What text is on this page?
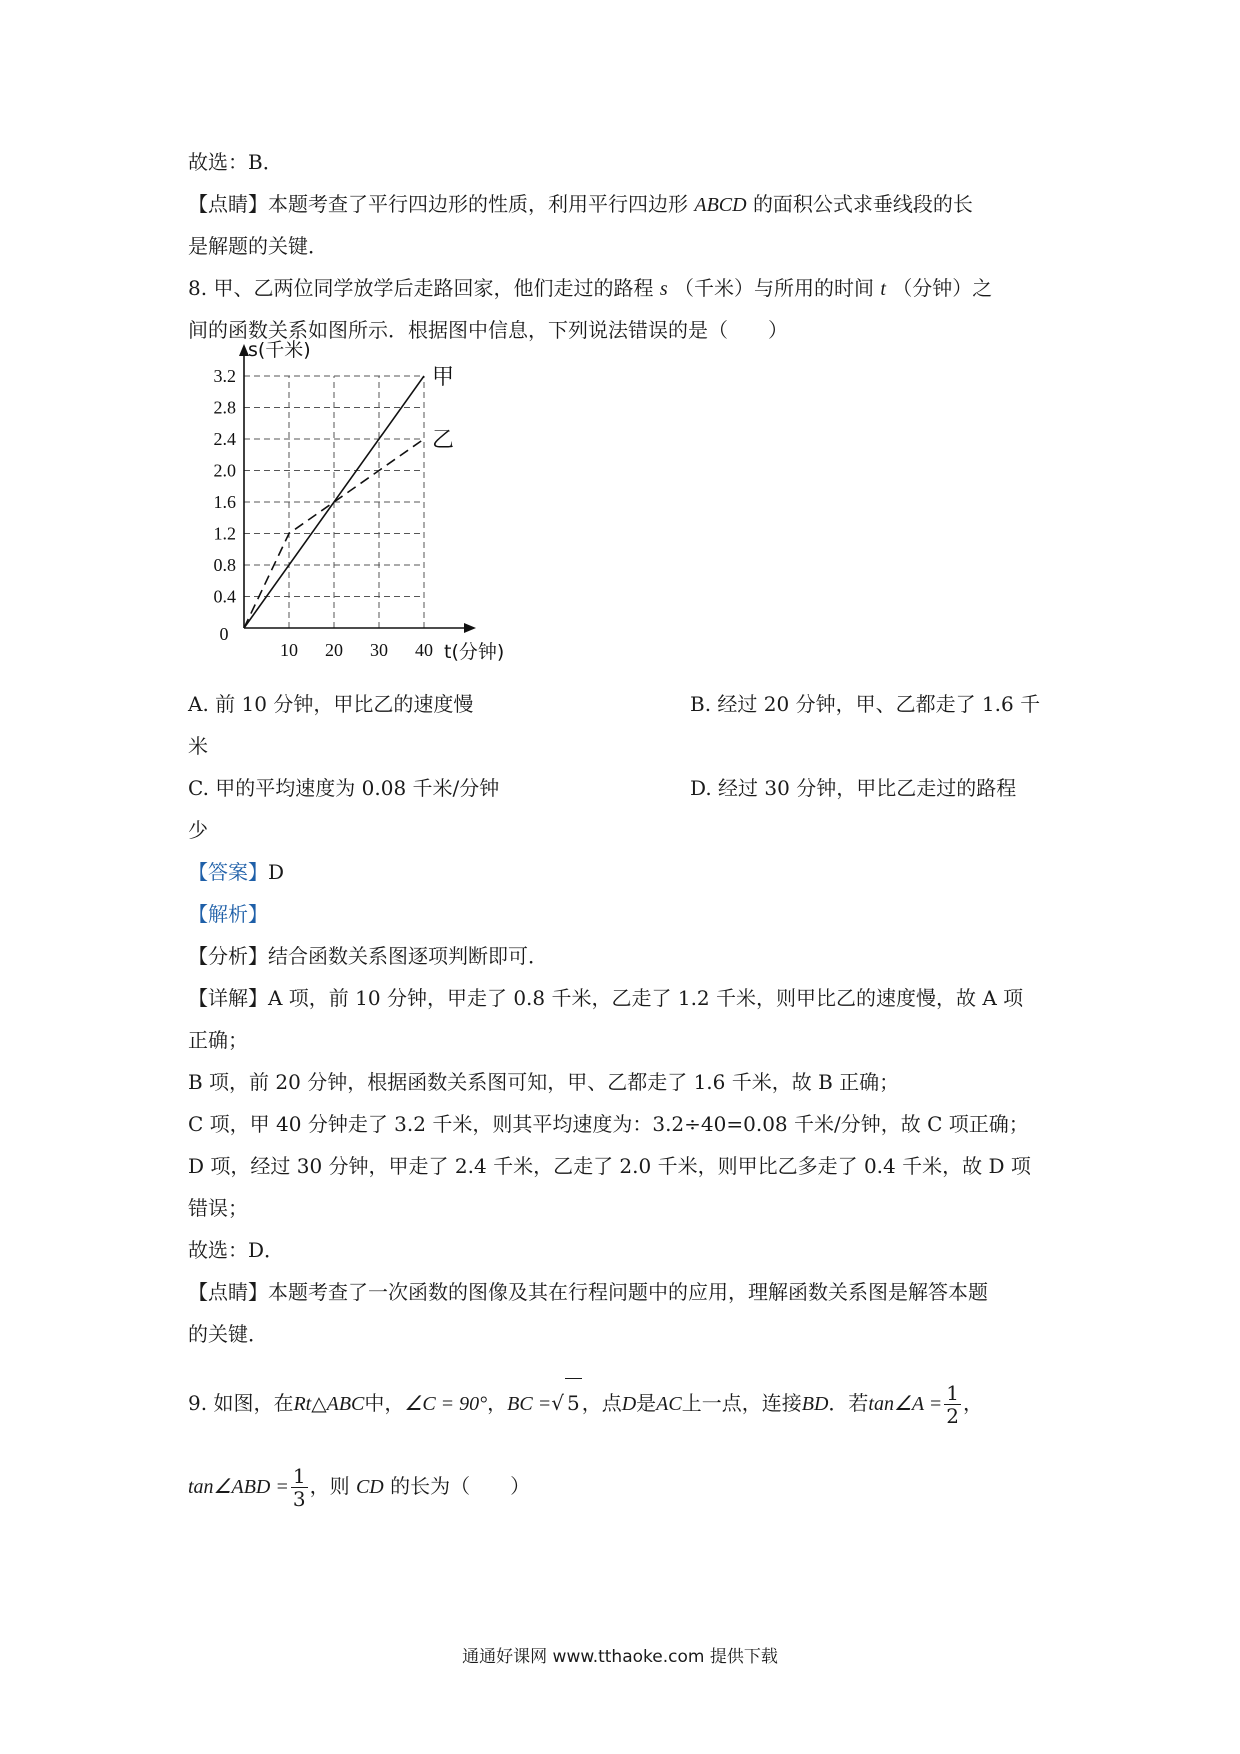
故选：B．
【点睛】本题考查了平行四边形的性质，利用平行四边形 ABCD 的面积公式求垂线段的长
是解题的关键．
8. 甲、乙两位同学放学后走路回家，他们走过的路程 s （千米）与所用的时间 t （分钟）之
间的函数关系如图所示．根据图中信息，下列说法错误的是（　　）
0.4
0.8
1.2
1.6
2.0
2.4
2.8
3.2
10 20 30 40
0
t(分钟)
s(千米)
甲
乙
A. 前 10 分钟，甲比乙的速度慢	B. 经过 20 分钟，甲、乙都走了 1.6 千
米
C. 甲的平均速度为 0.08 千米/分钟	D. 经过 30 分钟，甲比乙走过的路程
少
【答案】D
【解析】
【分析】结合函数关系图逐项判断即可．
【详解】A 项，前 10 分钟，甲走了 0.8 千米，乙走了 1.2 千米，则甲比乙的速度慢，故 A 项
正确；
B 项，前 20 分钟，根据函数关系图可知，甲、乙都走了 1.6 千米，故 B 正确；
C 项，甲 40 分钟走了 3.2 千米，则其平均速度为：3.2÷40=0.08 千米/分钟，故 C 项正确；
D 项，经过 30 分钟，甲走了 2.4 千米，乙走了 2.0 千米，则甲比乙多走了 0.4 千米，故 D 项
错误；
故选：D．
【点睛】本题考查了一次函数的图像及其在行程问题中的应用，理解函数关系图是解答本题
的关键．
9. 如图，在Rt△ABC中，∠C = 90°，BC =√ 5 ，点D是AC上一点，连接BD．若tan∠A = $\frac{1}{2}$ ，
tan∠ABD = $\frac{1}{3}$ ，则 CD 的长为（　　）
通通好课网 www.tthaoke.com 提供下载
